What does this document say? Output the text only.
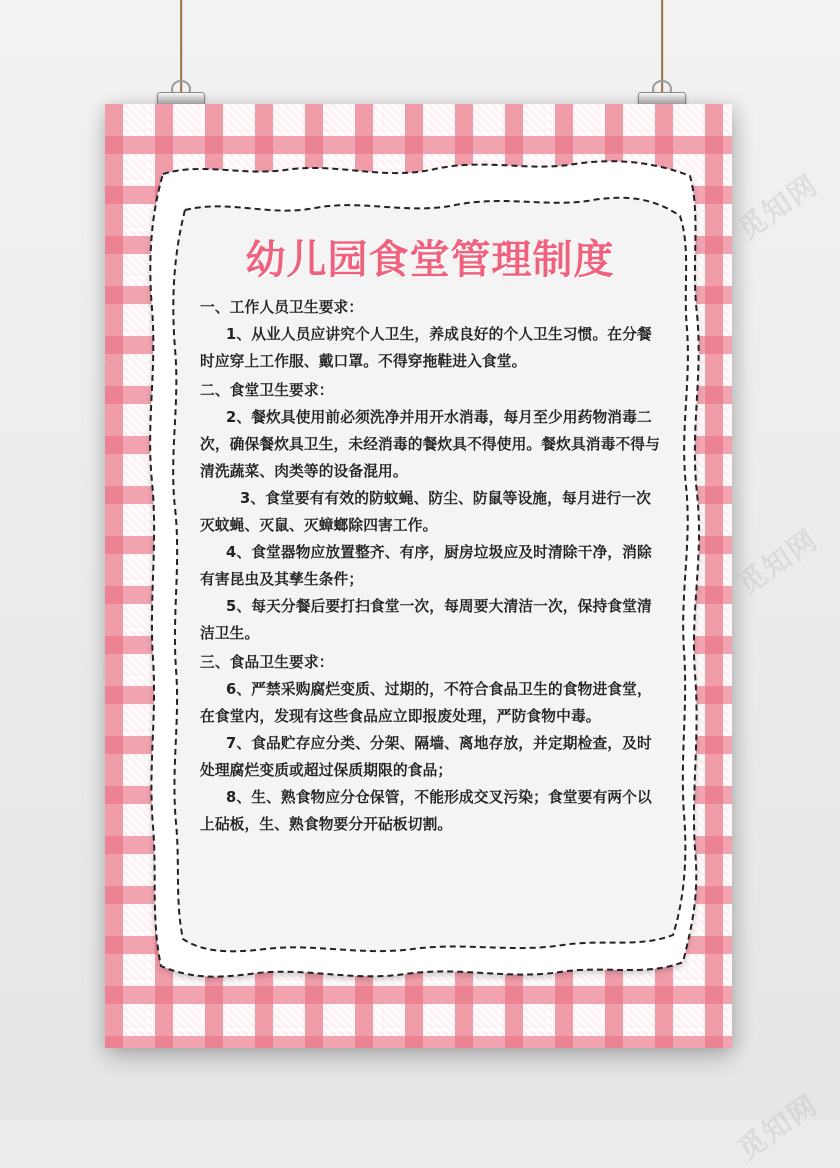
幼儿园食堂管理制度

一、工作人员卫生要求：

1、从业人员应讲究个人卫生，养成良好的个人卫生习惯。在分餐时应穿上工作服、戴口罩。不得穿拖鞋进入食堂。

二、食堂卫生要求：

2、餐炊具使用前必须洗净并用开水消毒，每月至少用药物消毒二次，确保餐炊具卫生，未经消毒的餐炊具不得使用。餐炊具消毒不得与清洗蔬菜、肉类等的设备混用。

3、食堂要有有效的防蚊蝇、防尘、防鼠等设施，每月进行一次灭蚊蝇、灭鼠、灭蟑螂除四害工作。

4、食堂器物应放置整齐、有序，厨房垃圾应及时清除干净，消除有害昆虫及其孳生条件；

5、每天分餐后要打扫食堂一次，每周要大清洁一次，保持食堂清洁卫生。

三、食品卫生要求：

6、严禁采购腐烂变质、过期的，不符合食品卫生的食物进食堂，在食堂内，发现有这些食品应立即报废处理，严防食物中毒。

7、食品贮存应分类、分架、隔墙、离地存放，并定期检查，及时处理腐烂变质或超过保质期限的食品；

8、生、熟食物应分仓保管，不能形成交叉污染；食堂要有两个以上砧板，生、熟食物要分开砧板切割。

觅知网
觅知网
觅知网
